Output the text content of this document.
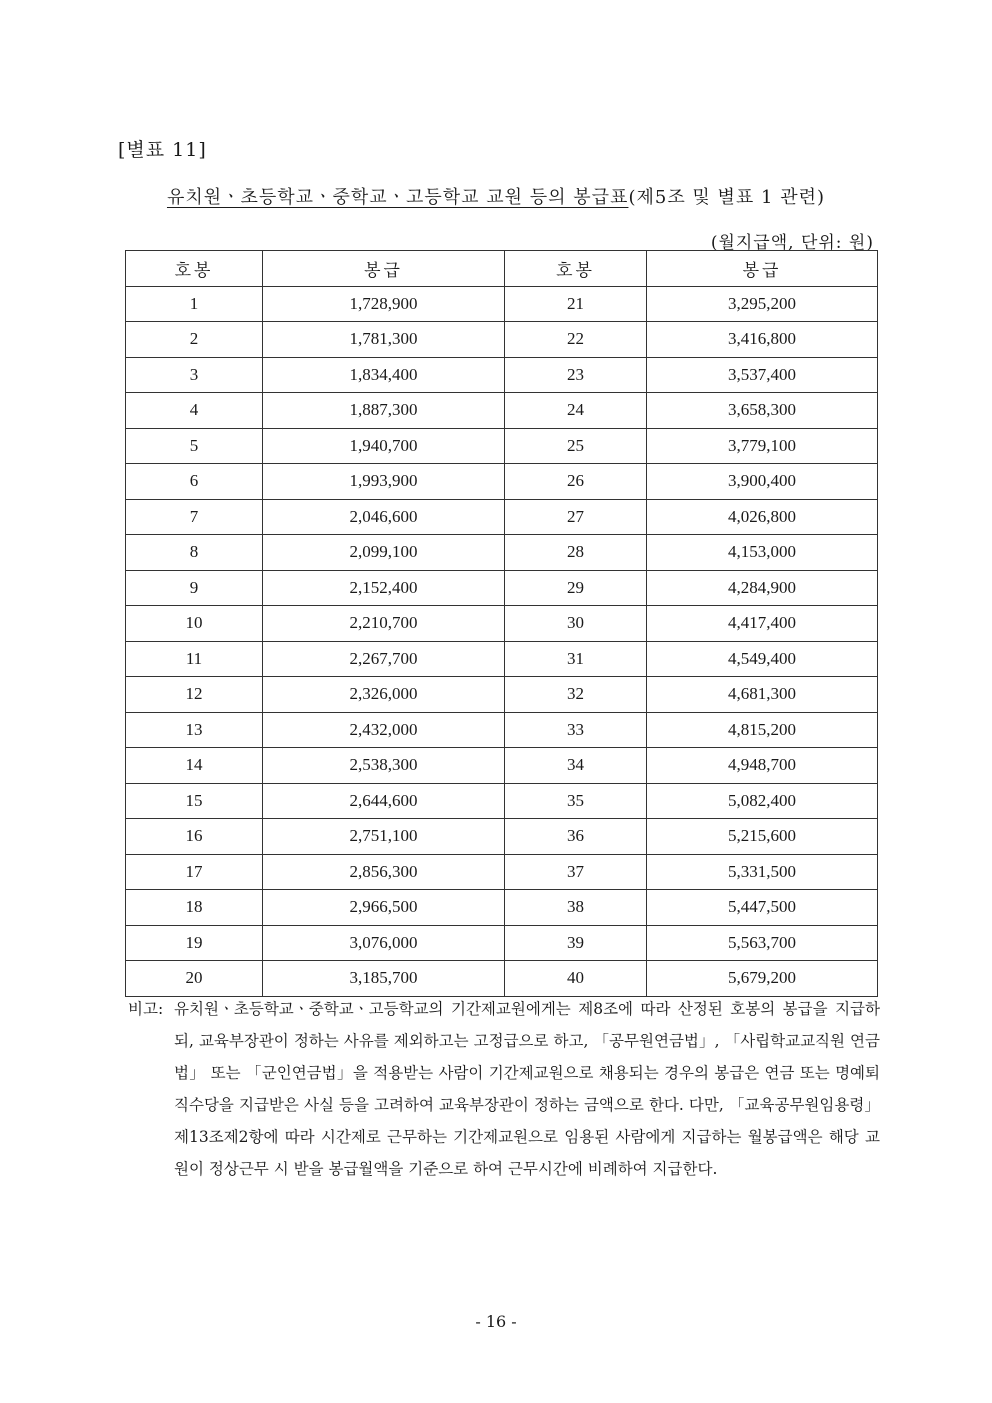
[별표 11]
유치원ㆍ초등학교ㆍ중학교ㆍ고등학교 교원 등의 봉급표(제5조 및 별표 1 관련)
(월지급액, 단위: 원)
호봉	봉급	호봉	봉급
1	1,728,900	21	3,295,200
2	1,781,300	22	3,416,800
3	1,834,400	23	3,537,400
4	1,887,300	24	3,658,300
5	1,940,700	25	3,779,100
6	1,993,900	26	3,900,400
7	2,046,600	27	4,026,800
8	2,099,100	28	4,153,000
9	2,152,400	29	4,284,900
10	2,210,700	30	4,417,400
11	2,267,700	31	4,549,400
12	2,326,000	32	4,681,300
13	2,432,000	33	4,815,200
14	2,538,300	34	4,948,700
15	2,644,600	35	5,082,400
16	2,751,100	36	5,215,600
17	2,856,300	37	5,331,500
18	2,966,500	38	5,447,500
19	3,076,000	39	5,563,700
20	3,185,700	40	5,679,200
비고: 유치원ㆍ초등학교ㆍ중학교ㆍ고등학교의 기간제교원에게는 제8조에 따라 산정된 호봉의 봉급을 지급하되, 교육부장관이 정하는 사유를 제외하고는 고정급으로 하고, 「공무원연금법」, 「사립학교교직원 연금법」 또는 「군인연금법」을 적용받는 사람이 기간제교원으로 채용되는 경우의 봉급은 연금 또는 명예퇴직수당을 지급받은 사실 등을 고려하여 교육부장관이 정하는 금액으로 한다. 다만, 「교육공무원임용령」 제13조제2항에 따라 시간제로 근무하는 기간제교원으로 임용된 사람에게 지급하는 월봉급액은 해당 교원이 정상근무 시 받을 봉급월액을 기준으로 하여 근무시간에 비례하여 지급한다.
- 16 -
